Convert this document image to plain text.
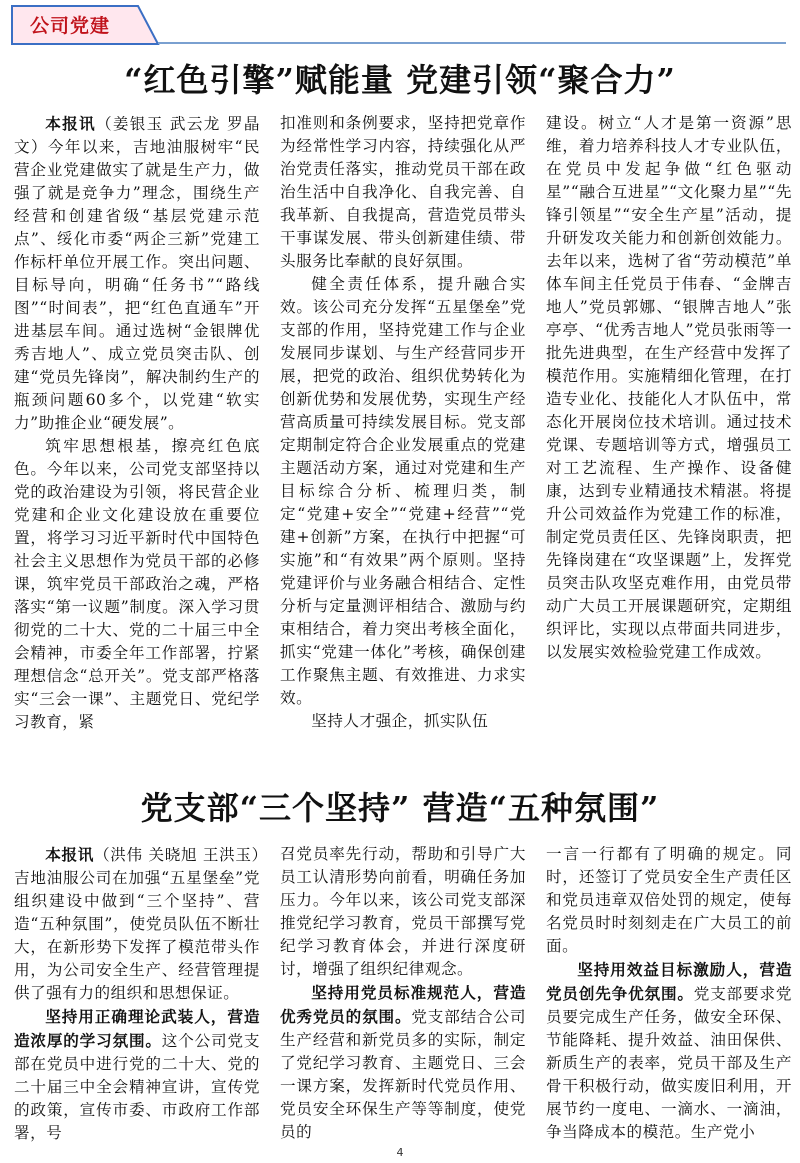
公司党建
“红色引擎”赋能量 党建引领“聚合力”

本报讯（姜银玉 武云龙 罗晶文）今年以来，吉地油服树牢“民营企业党建做实了就是生产力，做强了就是竞争力”理念，围绕生产经营和创建省级“基层党建示范点”、绥化市委“两企三新”党建工作标杆单位开展工作。突出问题、目标导向，明确“任务书”“路线图”“时间表”，把“红色直通车”开进基层车间。通过选树“金银牌优秀吉地人”、成立党员突击队、创建“党员先锋岗”，解决制约生产的瓶颈问题60多个，以党建“软实力”助推企业“硬发展”。

筑牢思想根基，擦亮红色底色。今年以来，公司党支部坚持以党的政治建设为引领，将民营企业党建和企业文化建设放在重要位置，将学习习近平新时代中国特色社会主义思想作为党员干部的必修课，筑牢党员干部政治之魂，严格落实“第一议题”制度。深入学习贯彻党的二十大、党的二十届三中全会精神，市委全年工作部署，拧紧理想信念“总开关”。党支部严格落实“三会一课”、主题党日、党纪学习教育，紧

扣准则和条例要求，坚持把党章作为经常性学习内容，持续强化从严治党责任落实，推动党员干部在政治生活中自我净化、自我完善、自我革新、自我提高，营造党员带头干事谋发展、带头创新建佳绩、带头服务比奉献的良好氛围。

健全责任体系，提升融合实效。该公司充分发挥“五星堡垒”党支部的作用，坚持党建工作与企业发展同步谋划、与生产经营同步开展，把党的政治、组织优势转化为创新优势和发展优势，实现生产经营高质量可持续发展目标。党支部定期制定符合企业发展重点的党建主题活动方案，通过对党建和生产目标综合分析、梳理归类，制定“党建+安全”“党建+经营”“党建+创新”方案，在执行中把握“可实施”和“有效果”两个原则。坚持党建评价与业务融合相结合、定性分析与定量测评相结合、激励与约束相结合，着力突出考核全面化，抓实“党建一体化”考核，确保创建工作聚焦主题、有效推进、力求实效。

坚持人才强企，抓实队伍

建设。树立“人才是第一资源”思维，着力培养科技人才专业队伍，在党员中发起争做“红色驱动星”“融合互进星”“文化聚力星”“先锋引领星”“安全生产星”活动，提升研发攻关能力和创新创效能力。去年以来，选树了省“劳动模范”单体车间主任党员于伟春、“金牌吉地人”党员郭娜、“银牌吉地人”张亭亭、“优秀吉地人”党员张雨等一批先进典型，在生产经营中发挥了模范作用。实施精细化管理，在打造专业化、技能化人才队伍中，常态化开展岗位技术培训。通过技术党课、专题培训等方式，增强员工对工艺流程、生产操作、设备健康，达到专业精通技术精湛。将提升公司效益作为党建工作的标准，制定党员责任区、先锋岗职责，把先锋岗建在“攻坚课题”上，发挥党员突击队攻坚克难作用，由党员带动广大员工开展课题研究，定期组织评比，实现以点带面共同进步，以发展实效检验党建工作成效。

党支部“三个坚持” 营造“五种氛围”

本报讯（洪伟 关晓旭 王洪玉）吉地油服公司在加强“五星堡垒”党组织建设中做到“三个坚持”、营造“五种氛围”，使党员队伍不断壮大，在新形势下发挥了模范带头作用，为公司安全生产、经营管理提供了强有力的组织和思想保证。

坚持用正确理论武装人，营造造浓厚的学习氛围。这个公司党支部在党员中进行党的二十大、党的二十届三中全会精神宣讲，宣传党的政策，宣传市委、市政府工作部署，号

召党员率先行动，帮助和引导广大员工认清形势向前看，明确任务加压力。今年以来，该公司党支部深推党纪学习教育，党员干部撰写党纪学习教育体会，并进行深度研讨，增强了组织纪律观念。

坚持用党员标准规范人，营造优秀党员的氛围。党支部结合公司生产经营和新党员多的实际，制定了党纪学习教育、主题党日、三会一课方案，发挥新时代党员作用、党员安全环保生产等等制度，使党员的

一言一行都有了明确的规定。同时，还签订了党员安全生产责任区和党员违章双倍处罚的规定，使每名党员时时刻刻走在广大员工的前面。

坚持用效益目标激励人，营造党员创先争优氛围。党支部要求党员要完成生产任务，做安全环保、节能降耗、提升效益、油田保供、新质生产的表率，党员干部及生产骨干积极行动，做实废旧利用，开展节约一度电、一滴水、一滴油，争当降成本的模范。生产党小

4
